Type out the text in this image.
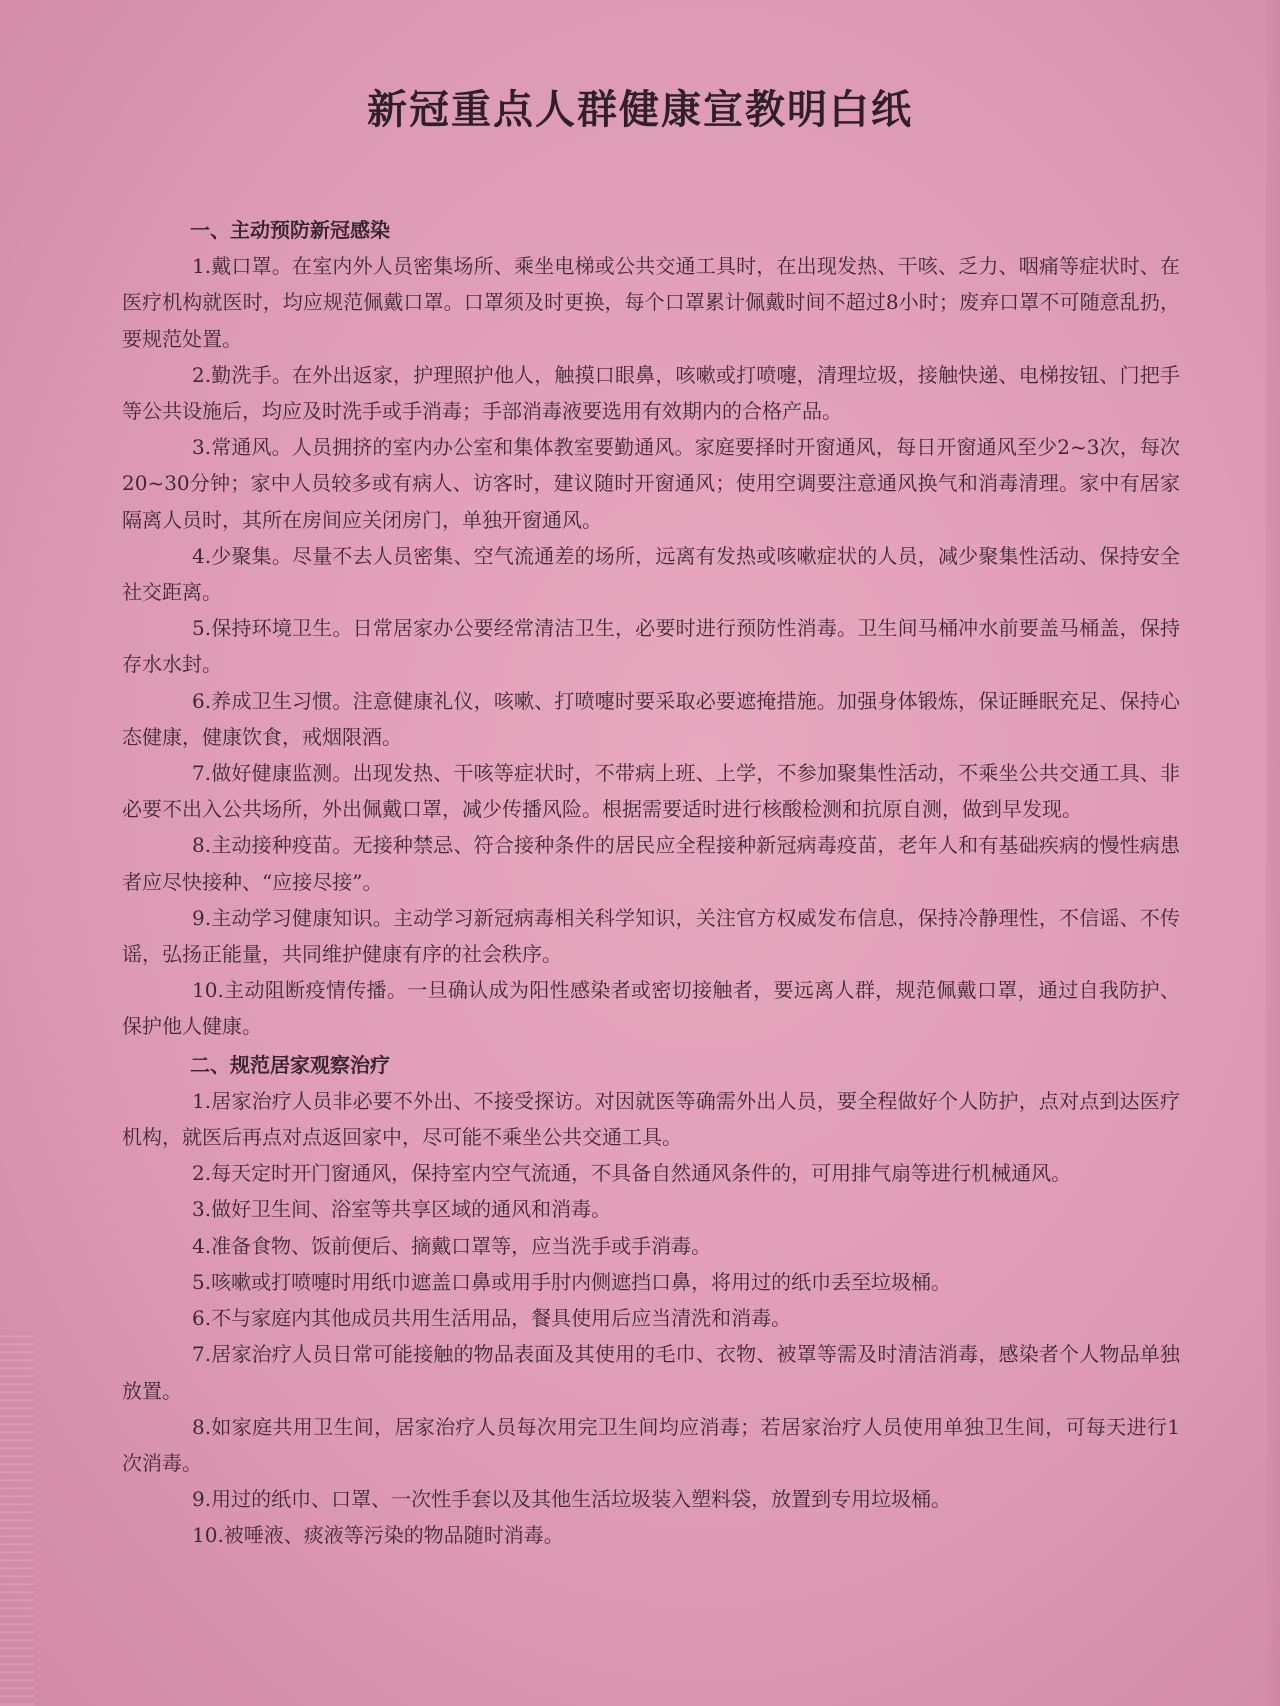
新冠重点人群健康宣教明白纸

一、主动预防新冠感染

1.戴口罩。在室内外人员密集场所、乘坐电梯或公共交通工具时，在出现发热、干咳、乏力、咽痛等症状时、在医疗机构就医时，均应规范佩戴口罩。口罩须及时更换，每个口罩累计佩戴时间不超过8小时；废弃口罩不可随意乱扔，要规范处置。

2.勤洗手。在外出返家，护理照护他人，触摸口眼鼻，咳嗽或打喷嚏，清理垃圾，接触快递、电梯按钮、门把手等公共设施后，均应及时洗手或手消毒；手部消毒液要选用有效期内的合格产品。

3.常通风。人员拥挤的室内办公室和集体教室要勤通风。家庭要择时开窗通风，每日开窗通风至少2~3次，每次20~30分钟；家中人员较多或有病人、访客时，建议随时开窗通风；使用空调要注意通风换气和消毒清理。家中有居家隔离人员时，其所在房间应关闭房门，单独开窗通风。

4.少聚集。尽量不去人员密集、空气流通差的场所，远离有发热或咳嗽症状的人员，减少聚集性活动、保持安全社交距离。

5.保持环境卫生。日常居家办公要经常清洁卫生，必要时进行预防性消毒。卫生间马桶冲水前要盖马桶盖，保持存水水封。

6.养成卫生习惯。注意健康礼仪，咳嗽、打喷嚏时要采取必要遮掩措施。加强身体锻炼，保证睡眠充足、保持心态健康，健康饮食，戒烟限酒。

7.做好健康监测。出现发热、干咳等症状时，不带病上班、上学，不参加聚集性活动，不乘坐公共交通工具、非必要不出入公共场所，外出佩戴口罩，减少传播风险。根据需要适时进行核酸检测和抗原自测，做到早发现。

8.主动接种疫苗。无接种禁忌、符合接种条件的居民应全程接种新冠病毒疫苗，老年人和有基础疾病的慢性病患者应尽快接种、“应接尽接”。

9.主动学习健康知识。主动学习新冠病毒相关科学知识，关注官方权威发布信息，保持冷静理性，不信谣、不传谣，弘扬正能量，共同维护健康有序的社会秩序。

10.主动阻断疫情传播。一旦确认成为阳性感染者或密切接触者，要远离人群，规范佩戴口罩，通过自我防护、保护他人健康。

二、规范居家观察治疗

1.居家治疗人员非必要不外出、不接受探访。对因就医等确需外出人员，要全程做好个人防护，点对点到达医疗机构，就医后再点对点返回家中，尽可能不乘坐公共交通工具。

2.每天定时开门窗通风，保持室内空气流通，不具备自然通风条件的，可用排气扇等进行机械通风。

3.做好卫生间、浴室等共享区域的通风和消毒。

4.准备食物、饭前便后、摘戴口罩等，应当洗手或手消毒。

5.咳嗽或打喷嚏时用纸巾遮盖口鼻或用手肘内侧遮挡口鼻，将用过的纸巾丢至垃圾桶。

6.不与家庭内其他成员共用生活用品，餐具使用后应当清洗和消毒。

7.居家治疗人员日常可能接触的物品表面及其使用的毛巾、衣物、被罩等需及时清洁消毒，感染者个人物品单独放置。

8.如家庭共用卫生间，居家治疗人员每次用完卫生间均应消毒；若居家治疗人员使用单独卫生间，可每天进行1次消毒。

9.用过的纸巾、口罩、一次性手套以及其他生活垃圾装入塑料袋，放置到专用垃圾桶。

10.被唾液、痰液等污染的物品随时消毒。
